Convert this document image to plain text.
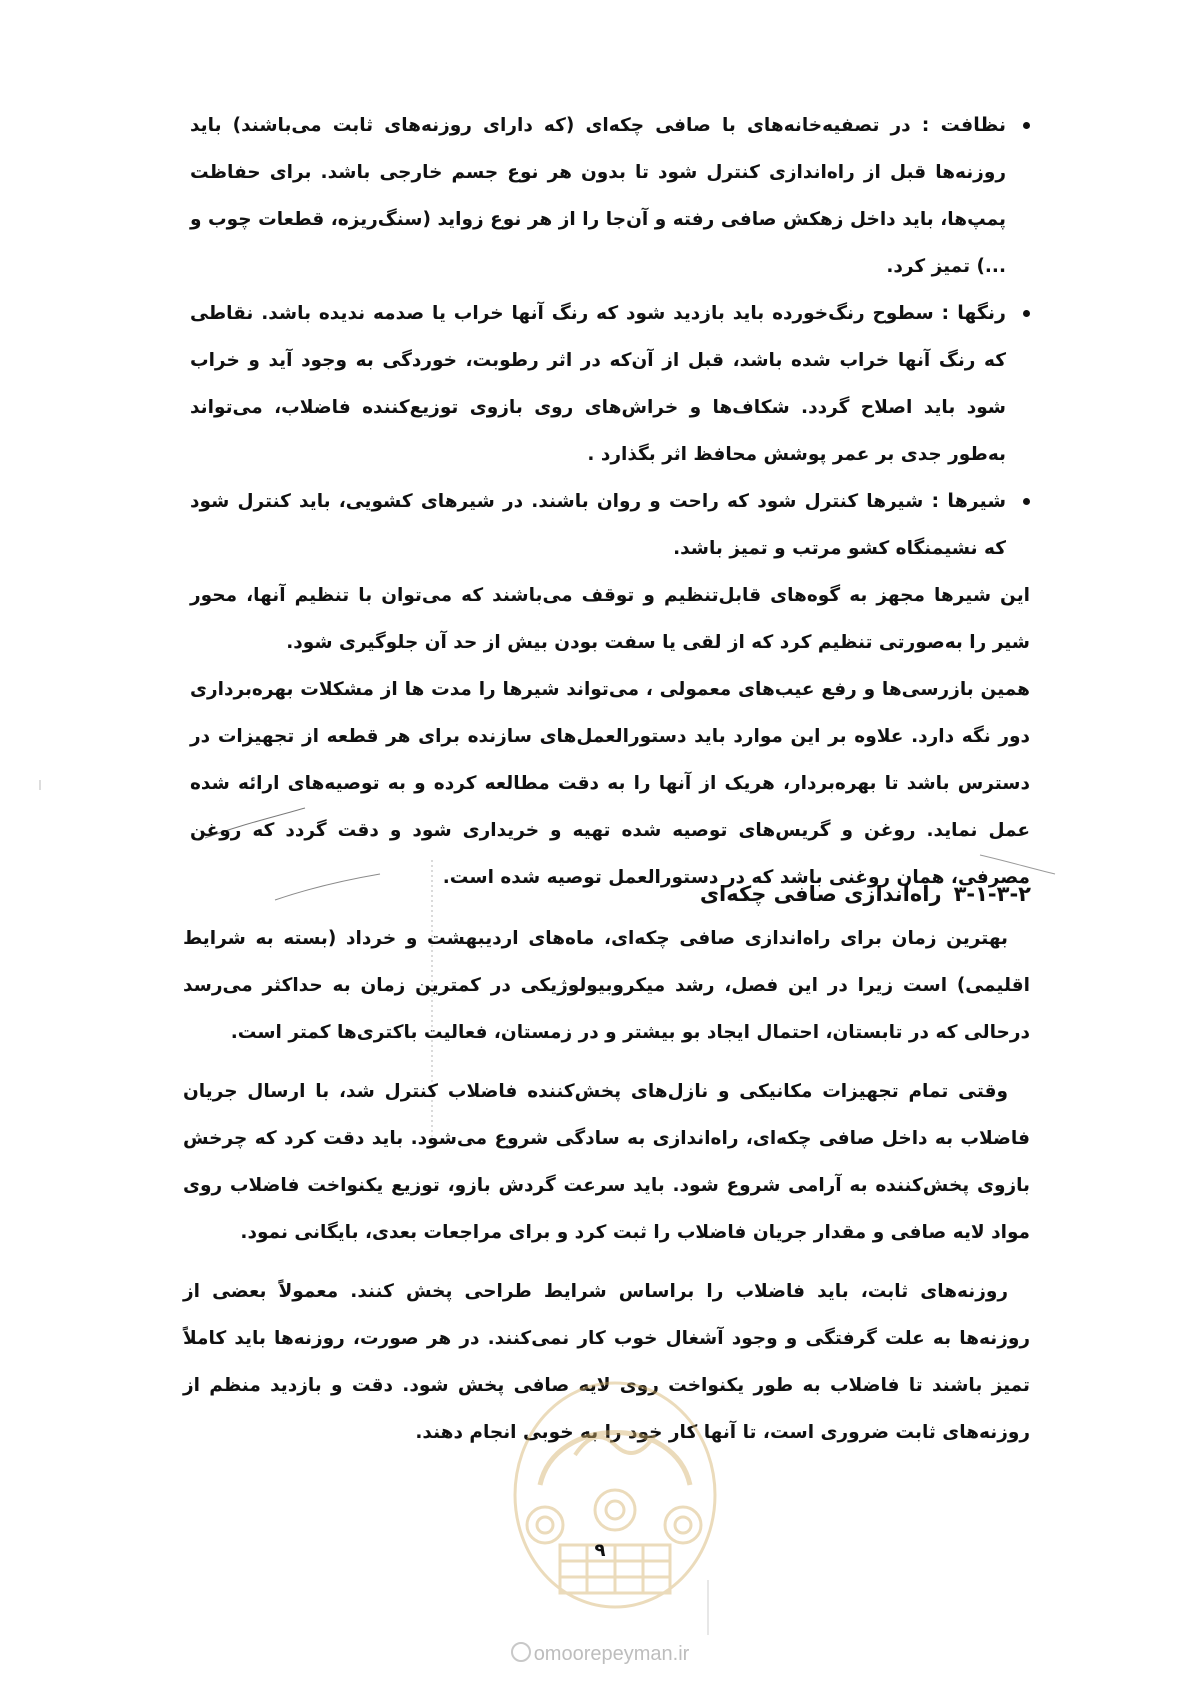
نظافت : در تصفیه‌خانه‌های با صافی چکه‌ای (که دارای روزنه‌های ثابت می‌باشند) باید روزنه‌ها قبل از راه‌اندازی کنترل شود تا بدون هر نوع جسم خارجی باشد. برای حفاظت پمپ‌ها، باید داخل زهکش صافی رفته و آن‌جا را از هر نوع زواید (سنگ‌ریزه، قطعات چوب و ...) تمیز کرد.
رنگها : سطوح رنگ‌خورده باید بازدید شود که رنگ آنها خراب یا صدمه ندیده باشد. نقاطی که رنگ آنها خراب شده باشد، قبل از آن‌که در اثر رطوبت، خوردگی به وجود آید و خراب شود باید اصلاح گردد. شکاف‌ها و خراش‌های روی بازوی توزیع‌کننده فاضلاب، می‌تواند به‌طور جدی بر عمر پوشش محافظ اثر بگذارد .
شیرها : شیرها کنترل شود که راحت و روان باشند. در شیرهای کشویی، باید کنترل شود که نشیمنگاه کشو مرتب و تمیز باشد.

این شیرها مجهز به گوه‌های قابل‌تنظیم و توقف می‌باشند که می‌توان با تنظیم آنها، محور شیر را به‌صورتی تنظیم کرد که از لقی یا سفت بودن بیش از حد آن جلوگیری شود.

همین بازرسی‌ها و رفع عیب‌های معمولی ، می‌تواند شیرها را مدت ها از مشکلات بهره‌برداری دور نگه دارد. علاوه بر این موارد باید دستورالعمل‌های سازنده برای هر قطعه از تجهیزات در دسترس باشد تا بهره‌بردار، هریک از آنها را به دقت مطالعه کرده و به توصیه‌های ارائه شده عمل نماید. روغن و گریس‌های توصیه شده تهیه و خریداری شود و دقت گردد که روغن مصرفی، همان روغنی باشد که در دستورالعمل توصیه شده است.

۳-۱-۳-۲راه‌اندازی صافی چکه‌ای

بهترین زمان برای راه‌اندازی صافی چکه‌ای، ماه‌های اردیبهشت و خرداد (بسته به شرایط اقلیمی) است زیرا در این فصل، رشد میکروبیولوژیکی در کمترین زمان به حداکثر می‌رسد درحالی که در تابستان، احتمال ایجاد بو بیشتر و در زمستان، فعالیت باکتری‌ها کمتر است.

وقتی تمام تجهیزات مکانیکی و نازل‌های پخش‌کننده فاضلاب کنترل شد، با ارسال جریان فاضلاب به داخل صافی چکه‌ای، راه‌اندازی به سادگی شروع می‌شود. باید دقت کرد که چرخش بازوی پخش‌کننده به آرامی شروع شود. باید سرعت گردش بازو، توزیع یکنواخت فاضلاب روی مواد لایه صافی و مقدار جریان فاضلاب را ثبت کرد و برای مراجعات بعدی، بایگانی نمود.

روزنه‌های ثابت، باید فاضلاب را براساس شرایط طراحی پخش کنند. معمولاً بعضی از روزنه‌ها به علت گرفتگی و وجود آشغال خوب کار نمی‌کنند. در هر صورت، روزنه‌ها باید کاملاً تمیز باشند تا فاضلاب به طور یکنواخت روی لایه صافی پخش شود. دقت و بازدید منظم از روزنه‌های ثابت ضروری است، تا آنها کار خود را به خوبی انجام دهند.

۹
omoorepeyman.ir
